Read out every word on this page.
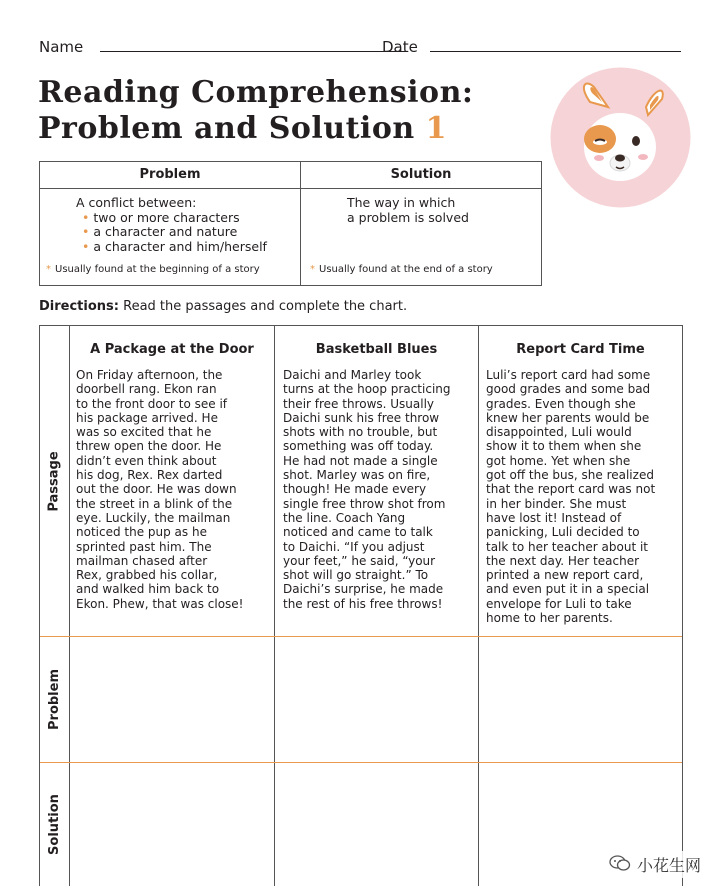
Name	Date
Reading Comprehension:
Problem and Solution 1
Problem
A conflict between:
• two or more characters
• a character and nature
• a character and him/herself
* Usually found at the beginning of a story
Solution
The way in which
a problem is solved
* Usually found at the end of a story
Directions: Read the passages and complete the chart.
Passage
Problem
Solution
A Package at the Door
On Friday afternoon, the
doorbell rang. Ekon ran
to the front door to see if
his package arrived. He
was so excited that he
threw open the door. He
didn’t even think about
his dog, Rex. Rex darted
out the door. He was down
the street in a blink of the
eye. Luckily, the mailman
noticed the pup as he
sprinted past him. The
mailman chased after
Rex, grabbed his collar,
and walked him back to
Ekon. Phew, that was close!
Basketball Blues
Daichi and Marley took
turns at the hoop practicing
their free throws. Usually
Daichi sunk his free throw
shots with no trouble, but
something was off today.
He had not made a single
shot. Marley was on fire,
though! He made every
single free throw shot from
the line. Coach Yang
noticed and came to talk
to Daichi. “If you adjust
your feet,” he said, “your
shot will go straight.” To
Daichi’s surprise, he made
the rest of his free throws!
Report Card Time
Luli’s report card had some
good grades and some bad
grades. Even though she
knew her parents would be
disappointed, Luli would
show it to them when she
got home. Yet when she
got off the bus, she realized
that the report card was not
in her binder. She must
have lost it! Instead of
panicking, Luli decided to
talk to her teacher about it
the next day. Her teacher
printed a new report card,
and even put it in a special
envelope for Luli to take
home to her parents.
小花生网
